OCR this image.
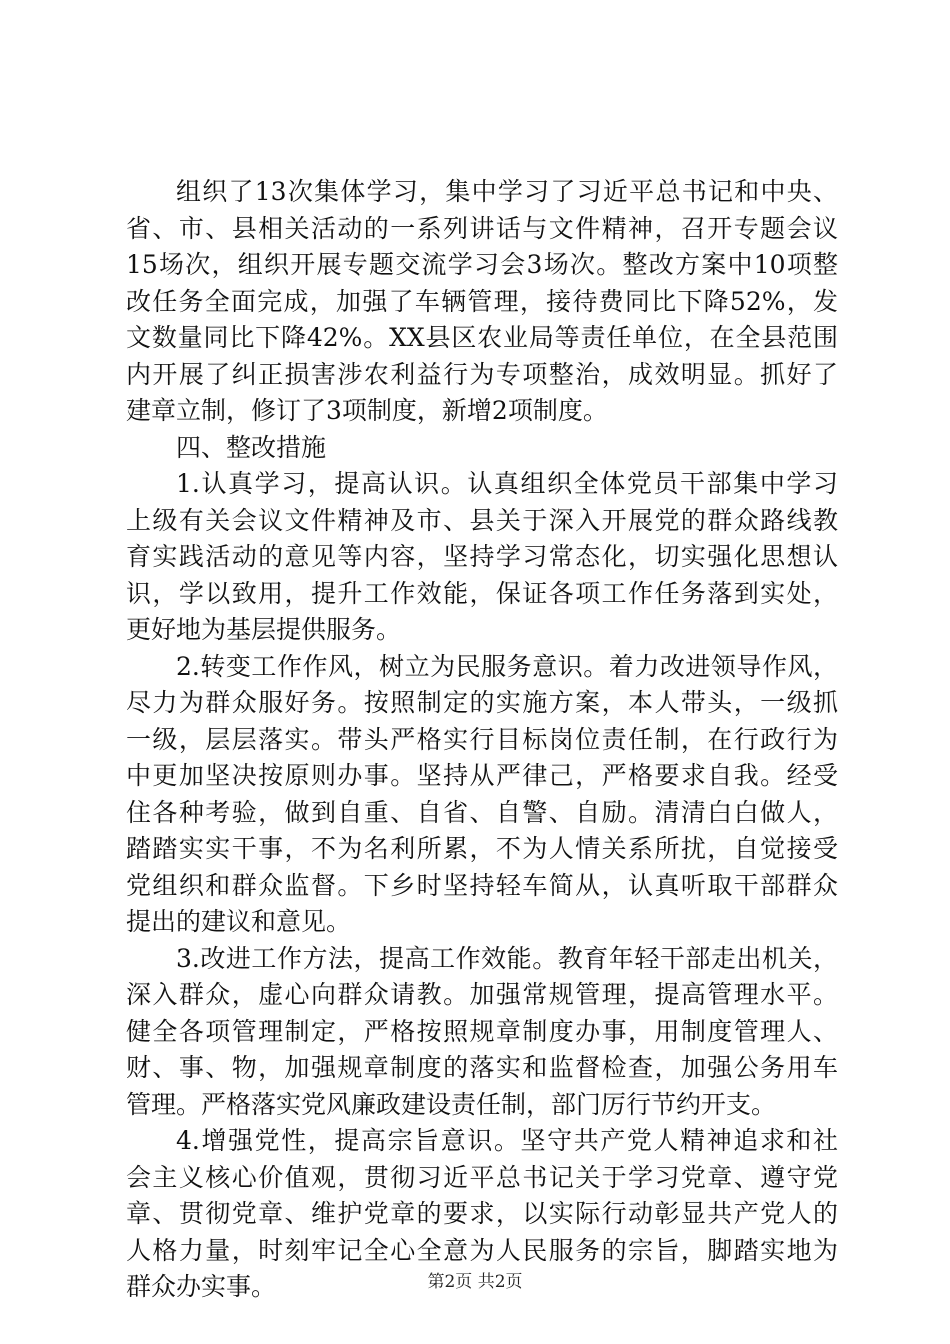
组织了13次集体学习，集中学习了习近平总书记和中央、
省、市、县相关活动的一系列讲话与文件精神，召开专题会议
15场次，组织开展专题交流学习会3场次。整改方案中10项整
改任务全面完成，加强了车辆管理，接待费同比下降52%，发
文数量同比下降42%。XX县区农业局等责任单位，在全县范围
内开展了纠正损害涉农利益行为专项整治，成效明显。抓好了
建章立制，修订了3项制度，新增2项制度。
四、整改措施
1.认真学习，提高认识。认真组织全体党员干部集中学习
上级有关会议文件精神及市、县关于深入开展党的群众路线教
育实践活动的意见等内容，坚持学习常态化，切实强化思想认
识，学以致用，提升工作效能，保证各项工作任务落到实处，
更好地为基层提供服务。
2.转变工作作风，树立为民服务意识。着力改进领导作风，
尽力为群众服好务。按照制定的实施方案，本人带头，一级抓
一级，层层落实。带头严格实行目标岗位责任制，在行政行为
中更加坚决按原则办事。坚持从严律己，严格要求自我。经受
住各种考验，做到自重、自省、自警、自励。清清白白做人，
踏踏实实干事，不为名利所累，不为人情关系所扰，自觉接受
党组织和群众监督。下乡时坚持轻车简从，认真听取干部群众
提出的建议和意见。
3.改进工作方法，提高工作效能。教育年轻干部走出机关，
深入群众，虚心向群众请教。加强常规管理，提高管理水平。
健全各项管理制定，严格按照规章制度办事，用制度管理人、
财、事、物，加强规章制度的落实和监督检查，加强公务用车
管理。严格落实党风廉政建设责任制，部门厉行节约开支。
4.增强党性，提高宗旨意识。坚守共产党人精神追求和社
会主义核心价值观，贯彻习近平总书记关于学习党章、遵守党
章、贯彻党章、维护党章的要求，以实际行动彰显共产党人的
人格力量，时刻牢记全心全意为人民服务的宗旨，脚踏实地为
群众办实事。	第2页 共2页
